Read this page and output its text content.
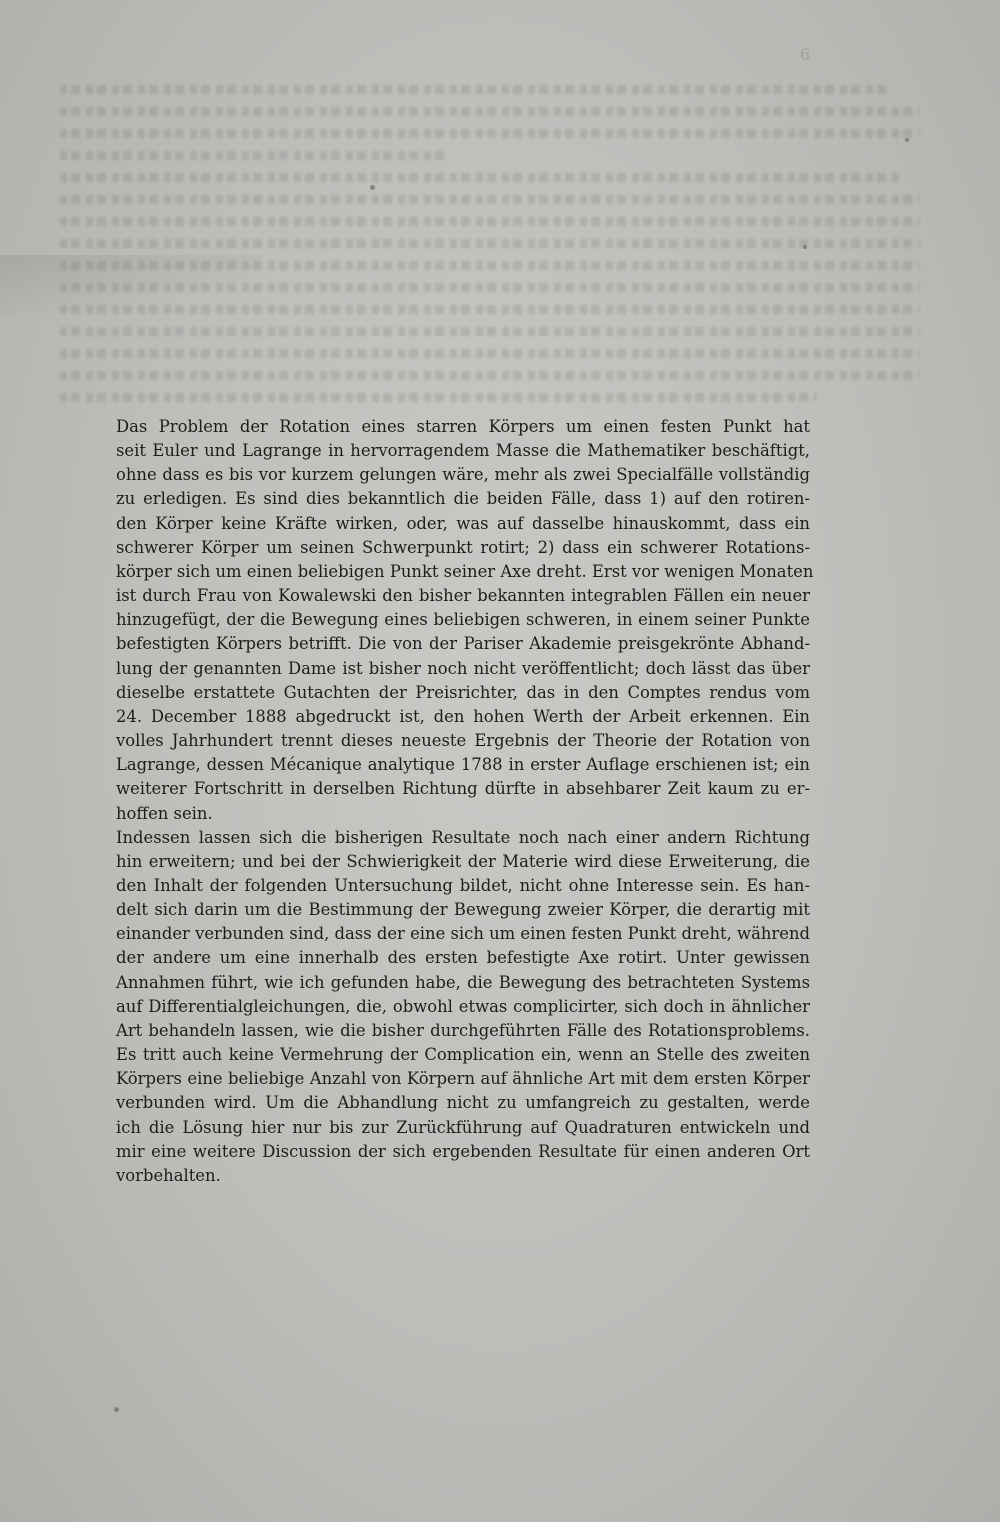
6

Das Problem der Rotation eines starren Körpers um einen festen Punkt hat
seit Euler und Lagrange in hervorragendem Masse die Mathematiker beschäftigt,
ohne dass es bis vor kurzem gelungen wäre, mehr als zwei Specialfälle vollständig
zu erledigen. Es sind dies bekanntlich die beiden Fälle, dass 1) auf den rotiren-
den Körper keine Kräfte wirken, oder, was auf dasselbe hinauskommt, dass ein
schwerer Körper um seinen Schwerpunkt rotirt; 2) dass ein schwerer Rotations-
körper sich um einen beliebigen Punkt seiner Axe dreht. Erst vor wenigen Monaten
ist durch Frau von Kowalewski den bisher bekannten integrablen Fällen ein neuer
hinzugefügt, der die Bewegung eines beliebigen schweren, in einem seiner Punkte
befestigten Körpers betrifft. Die von der Pariser Akademie preisgekrönte Abhand-
lung der genannten Dame ist bisher noch nicht veröffentlicht; doch lässt das über
dieselbe erstattete Gutachten der Preisrichter, das in den Comptes rendus vom
24. December 1888 abgedruckt ist, den hohen Werth der Arbeit erkennen. Ein
volles Jahrhundert trennt dieses neueste Ergebnis der Theorie der Rotation von
Lagrange, dessen Mécanique analytique 1788 in erster Auflage erschienen ist; ein
weiterer Fortschritt in derselben Richtung dürfte in absehbarer Zeit kaum zu er-
hoffen sein.

Indessen lassen sich die bisherigen Resultate noch nach einer andern Richtung
hin erweitern; und bei der Schwierigkeit der Materie wird diese Erweiterung, die
den Inhalt der folgenden Untersuchung bildet, nicht ohne Interesse sein. Es han-
delt sich darin um die Bestimmung der Bewegung zweier Körper, die derartig mit
einander verbunden sind, dass der eine sich um einen festen Punkt dreht, während
der andere um eine innerhalb des ersten befestigte Axe rotirt. Unter gewissen
Annahmen führt, wie ich gefunden habe, die Bewegung des betrachteten Systems
auf Differentialgleichungen, die, obwohl etwas complicirter, sich doch in ähnlicher
Art behandeln lassen, wie die bisher durchgeführten Fälle des Rotationsproblems.
Es tritt auch keine Vermehrung der Complication ein, wenn an Stelle des zweiten
Körpers eine beliebige Anzahl von Körpern auf ähnliche Art mit dem ersten Körper
verbunden wird. Um die Abhandlung nicht zu umfangreich zu gestalten, werde
ich die Lösung hier nur bis zur Zurückführung auf Quadraturen entwickeln und
mir eine weitere Discussion der sich ergebenden Resultate für einen anderen Ort
vorbehalten.
